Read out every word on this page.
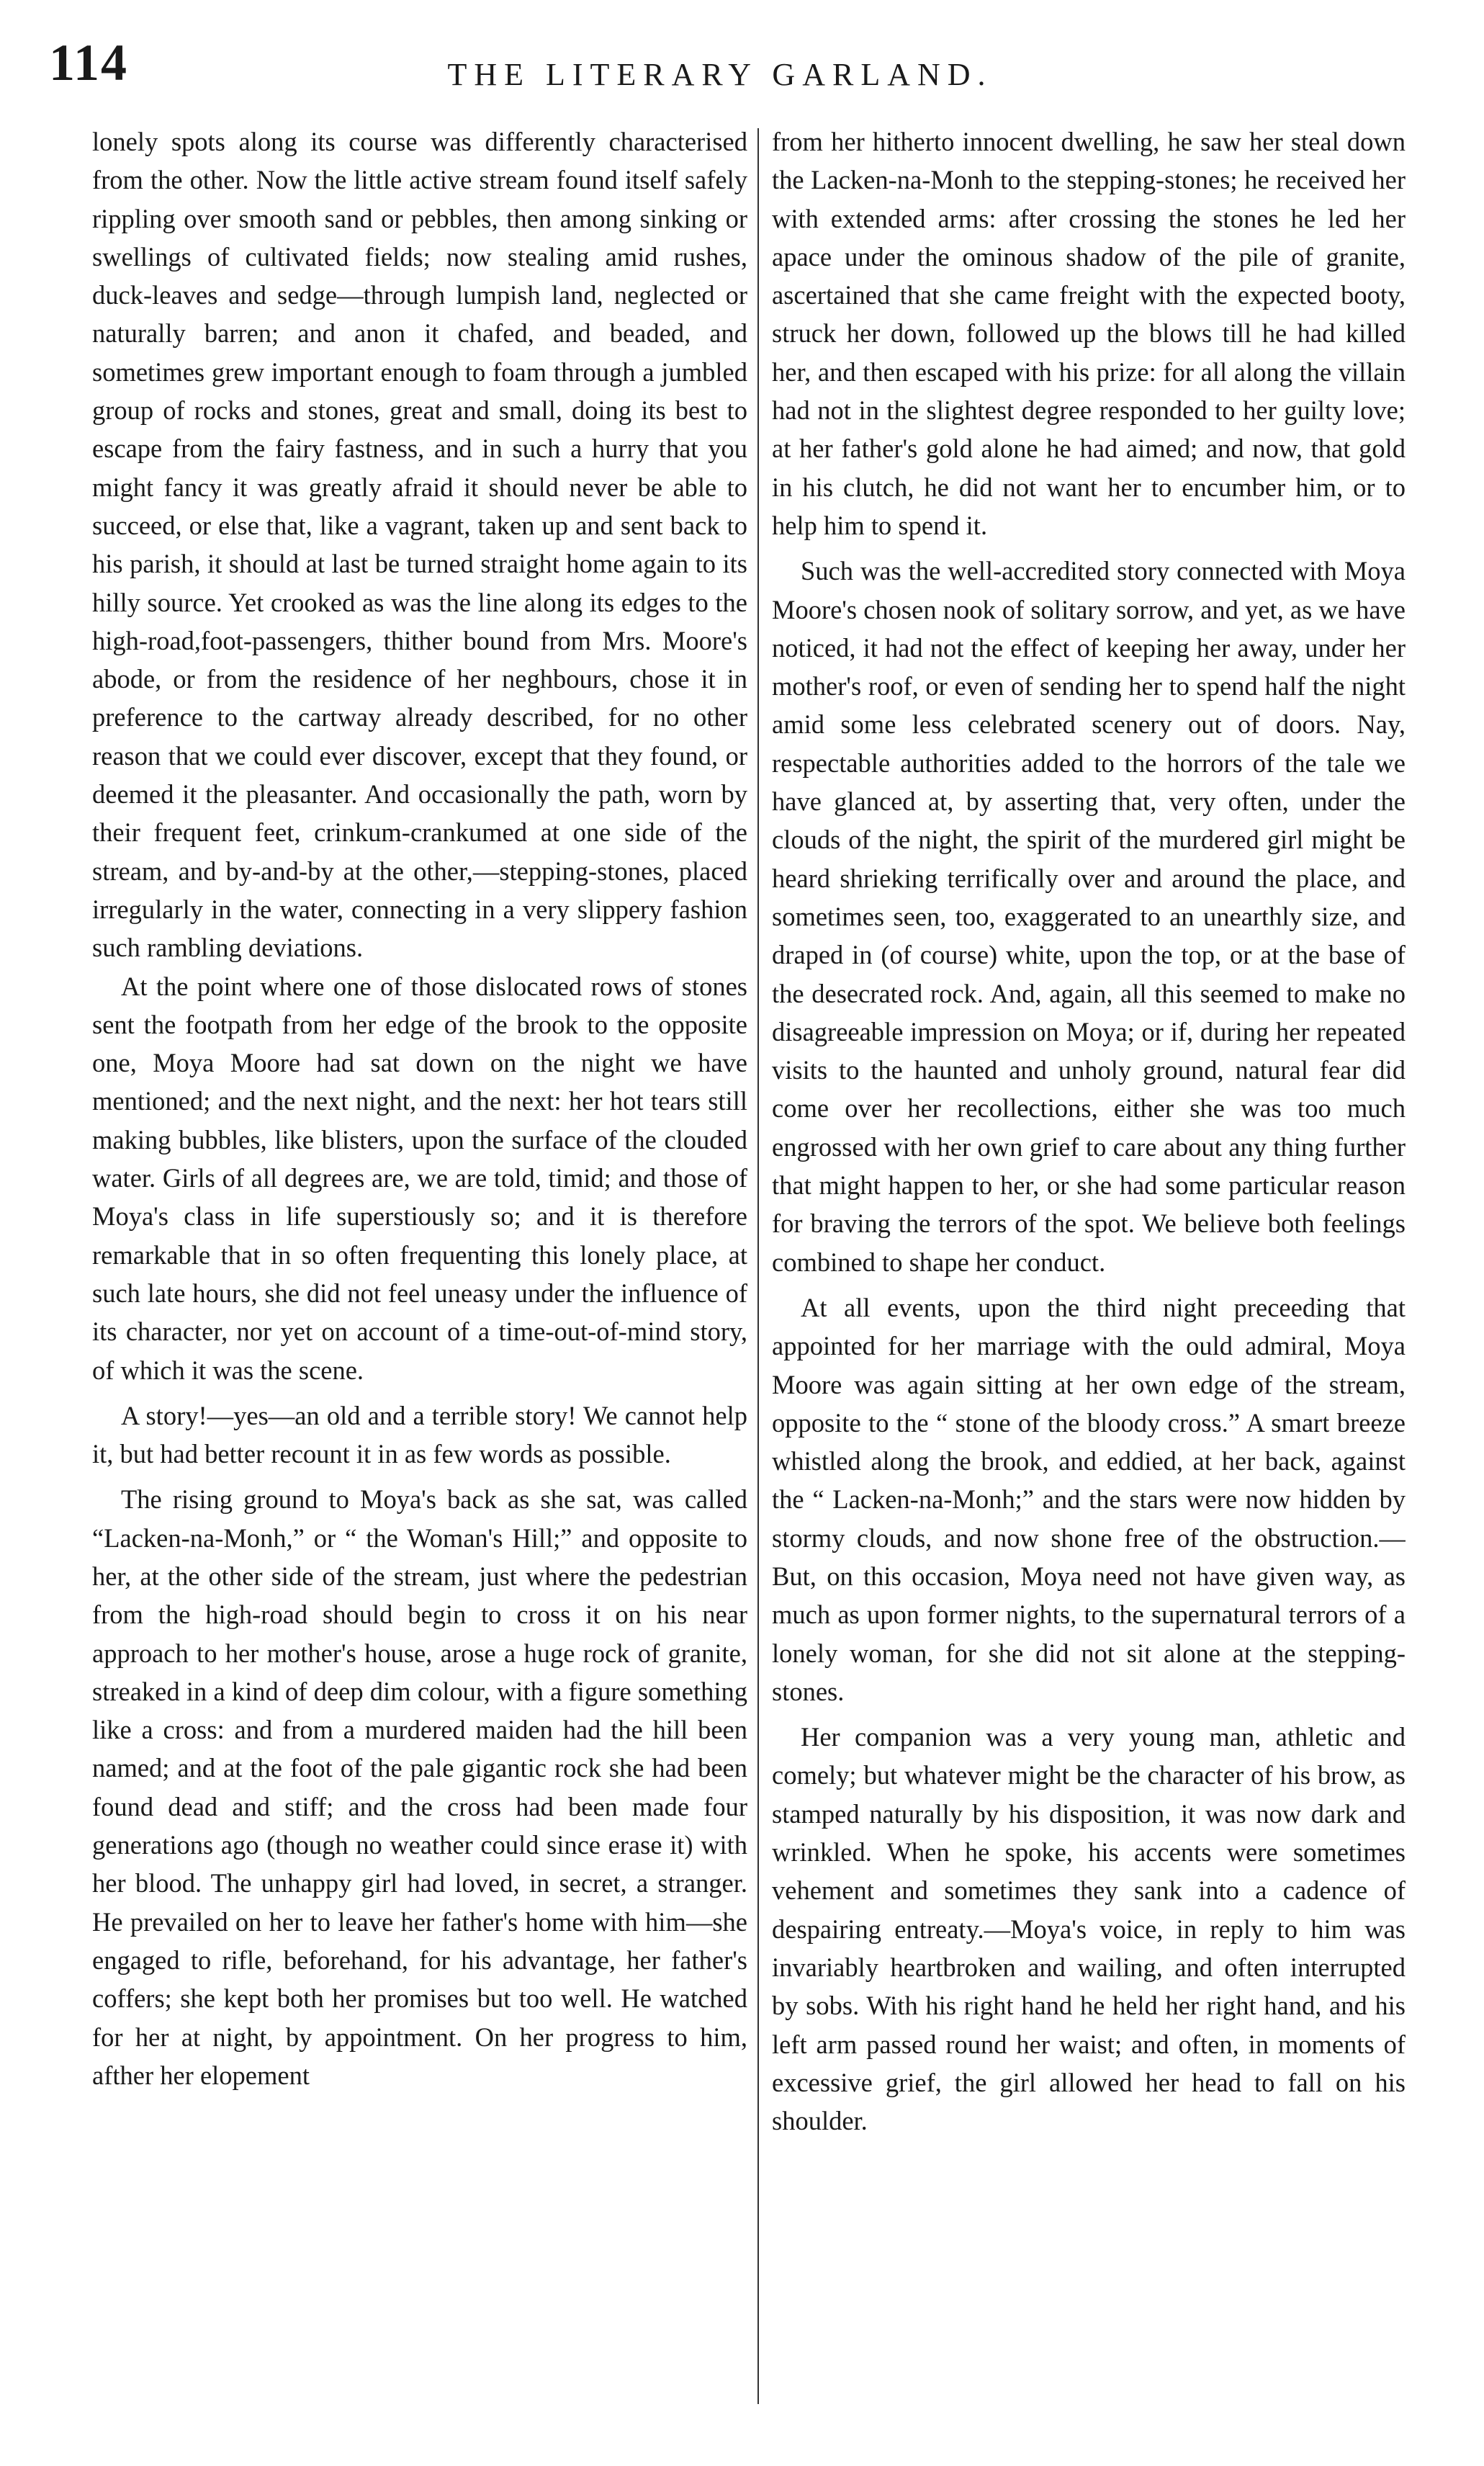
114	THE LITERARY GARLAND.

lonely spots along its course was differently characterised from the other. Now the little active stream found itself safely rippling over smooth sand or pebbles, then among sinking or swellings of cultivated fields; now stealing amid rushes, duck-leaves and sedge—through lumpish land, neglected or naturally barren; and anon it chafed, and beaded, and sometimes grew important enough to foam through a jumbled group of rocks and stones, great and small, doing its best to escape from the fairy fastness, and in such a hurry that you might fancy it was greatly afraid it should never be able to succeed, or else that, like a vagrant, taken up and sent back to his parish, it should at last be turned straight home again to its hilly source. Yet crooked as was the line along its edges to the high-road,foot-passengers, thither bound from Mrs. Moore's abode, or from the residence of her neghbours, chose it in preference to the cartway already described, for no other reason that we could ever discover, except that they found, or deemed it the pleasanter. And occasionally the path, worn by their frequent feet, crinkum-crankumed at one side of the stream, and by-and-by at the other,—stepping-stones, placed irregularly in the water, connecting in a very slippery fashion such rambling deviations.

At the point where one of those dislocated rows of stones sent the footpath from her edge of the brook to the opposite one, Moya Moore had sat down on the night we have mentioned; and the next night, and the next: her hot tears still making bubbles, like blisters, upon the surface of the clouded water. Girls of all degrees are, we are told, timid; and those of Moya's class in life superstiously so; and it is therefore remarkable that in so often frequenting this lonely place, at such late hours, she did not feel uneasy under the influence of its character, nor yet on account of a time-out-of-mind story, of which it was the scene.

A story!—yes—an old and a terrible story! We cannot help it, but had better recount it in as few words as possible.

The rising ground to Moya's back as she sat, was called “Lacken-na-Monh,” or “ the Woman's Hill;” and opposite to her, at the other side of the stream, just where the pedestrian from the high-road should begin to cross it on his near approach to her mother's house, arose a huge rock of granite, streaked in a kind of deep dim colour, with a figure something like a cross: and from a murdered maiden had the hill been named; and at the foot of the pale gigantic rock she had been found dead and stiff; and the cross had been made four generations ago (though no weather could since erase it) with her blood. The unhappy girl had loved, in secret, a stranger. He prevailed on her to leave her father's home with him—she engaged to rifle, beforehand, for his advantage, her father's coffers; she kept both her promises but too well. He watched for her at night, by appointment. On her progress to him, afther her elopement

from her hitherto innocent dwelling, he saw her steal down the Lacken-na-Monh to the stepping-stones; he received her with extended arms: after crossing the stones he led her apace under the ominous shadow of the pile of granite, ascertained that she came freight with the expected booty, struck her down, followed up the blows till he had killed her, and then escaped with his prize: for all along the villain had not in the slightest degree responded to her guilty love; at her father's gold alone he had aimed; and now, that gold in his clutch, he did not want her to encumber him, or to help him to spend it.

Such was the well-accredited story connected with Moya Moore's chosen nook of solitary sorrow, and yet, as we have noticed, it had not the effect of keeping her away, under her mother's roof, or even of sending her to spend half the night amid some less celebrated scenery out of doors. Nay, respectable authorities added to the horrors of the tale we have glanced at, by asserting that, very often, under the clouds of the night, the spirit of the murdered girl might be heard shrieking terrifically over and around the place, and sometimes seen, too, exaggerated to an unearthly size, and draped in (of course) white, upon the top, or at the base of the desecrated rock. And, again, all this seemed to make no disagreeable impression on Moya; or if, during her repeated visits to the haunted and unholy ground, natural fear did come over her recollections, either she was too much engrossed with her own grief to care about any thing further that might happen to her, or she had some particular reason for braving the terrors of the spot. We believe both feelings combined to shape her conduct.

At all events, upon the third night preceeding that appointed for her marriage with the ould admiral, Moya Moore was again sitting at her own edge of the stream, opposite to the “ stone of the bloody cross.” A smart breeze whistled along the brook, and eddied, at her back, against the “ Lacken-na-Monh;” and the stars were now hidden by stormy clouds, and now shone free of the obstruction.—But, on this occasion, Moya need not have given way, as much as upon former nights, to the supernatural terrors of a lonely woman, for she did not sit alone at the stepping-stones.

Her companion was a very young man, athletic and comely; but whatever might be the character of his brow, as stamped naturally by his disposition, it was now dark and wrinkled. When he spoke, his accents were sometimes vehement and sometimes they sank into a cadence of despairing entreaty.—Moya's voice, in reply to him was invariably heartbroken and wailing, and often interrupted by sobs. With his right hand he held her right hand, and his left arm passed round her waist; and often, in moments of excessive grief, the girl allowed her head to fall on his shoulder.
